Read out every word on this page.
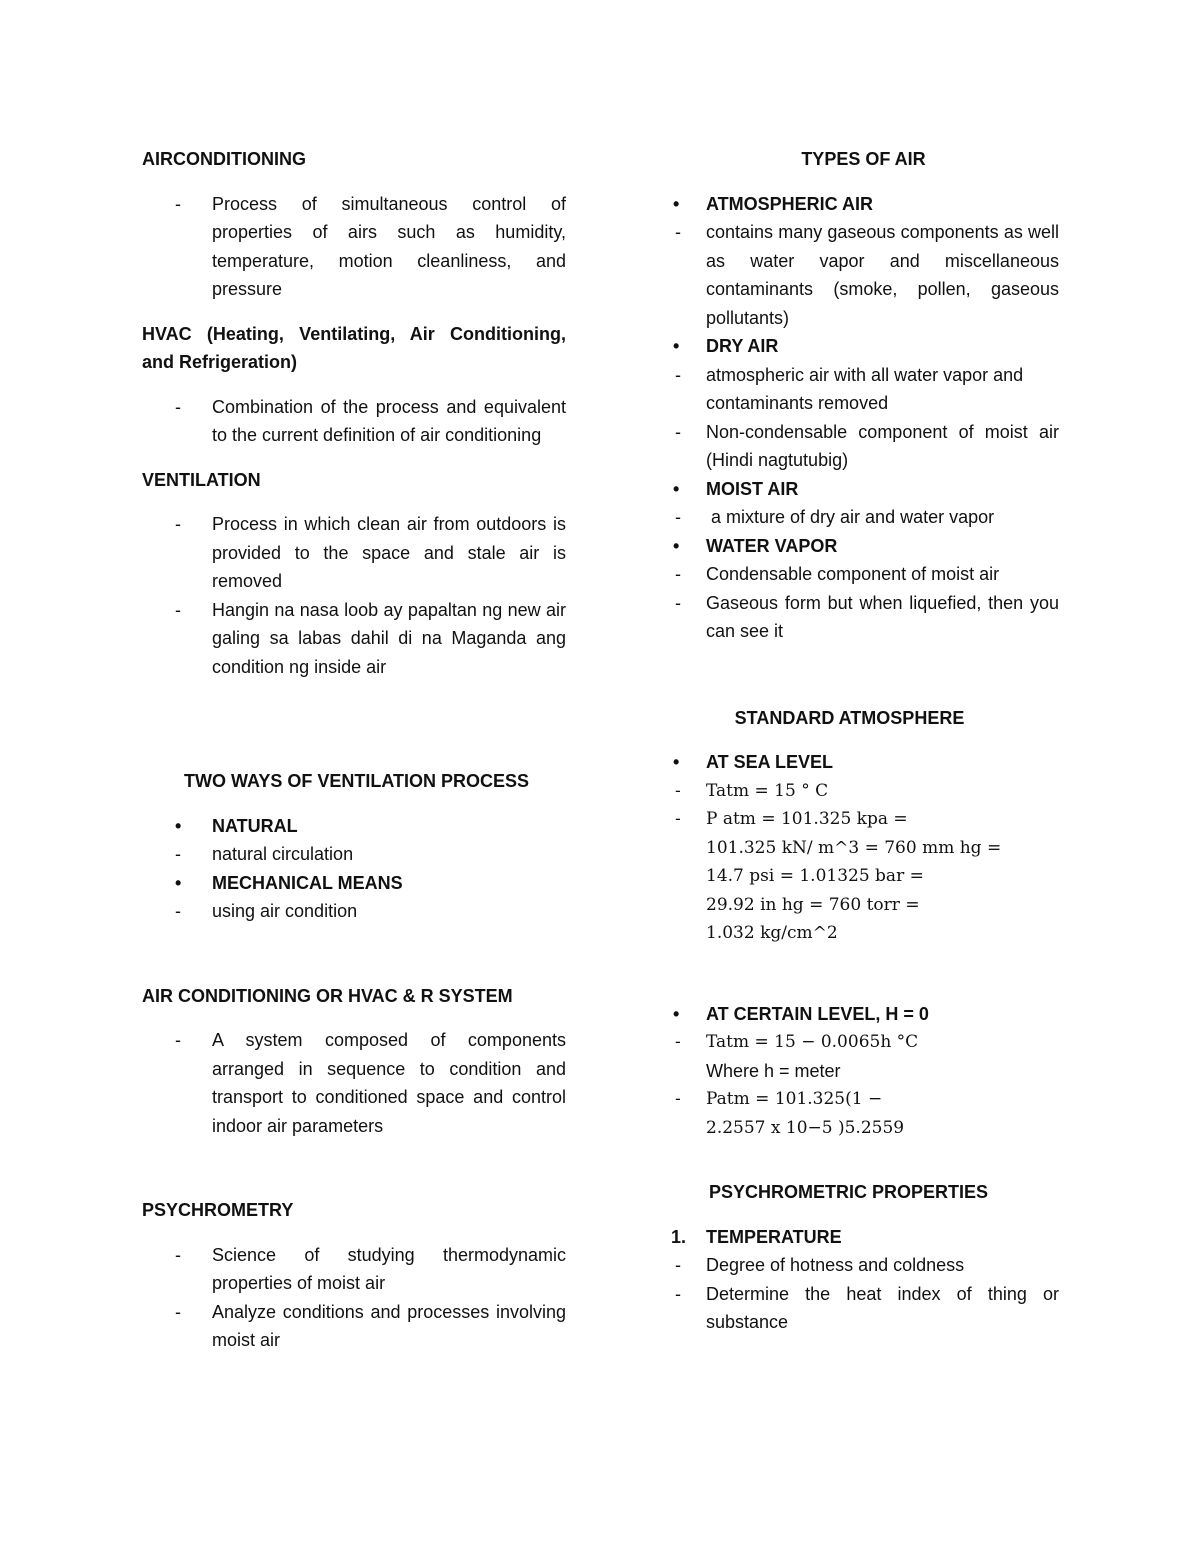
AIRCONDITIONING

- Process of simultaneous control of properties of airs such as humidity, temperature, motion cleanliness, and pressure

HVAC (Heating, Ventilating, Air Conditioning,

and Refrigeration)

- Combination of the process and equivalent to the current definition of air conditioning

VENTILATION

- Process in which clean air from outdoors is provided to the space and stale air is removed

- Hangin na nasa loob ay papaltan ng new air galing sa labas dahil di na Maganda ang condition ng inside air

TWO WAYS OF VENTILATION PROCESS

• NATURAL

- natural circulation

• MECHANICAL MEANS

- using air condition

AIR CONDITIONING OR HVAC & R SYSTEM

- A system composed of components arranged in sequence to condition and transport to conditioned space and control indoor air parameters

PSYCHROMETRY

- Science of studying thermodynamic properties of moist air

- Analyze conditions and processes involving moist air

TYPES OF AIR

• ATMOSPHERIC AIR

- contains many gaseous components as well as water vapor and miscellaneous contaminants (smoke, pollen, gaseous pollutants)

• DRY AIR

- atmospheric air with all water vapor and contaminants removed

- Non-condensable component of moist air (Hindi nagtutubig)

• MOIST AIR

- a mixture of dry air and water vapor

• WATER VAPOR

- Condensable component of moist air

- Gaseous form but when liquefied, then you can see it

STANDARD ATMOSPHERE

• AT SEA LEVEL

- Tatm = 15 ° C

- P atm = 101.325 kpa =
101.325 kN/ m^3 = 760 mm hg =
14.7 psi = 1.01325 bar =
29.92 in hg = 760 torr =
1.032 kg/cm^2

• AT CERTAIN LEVEL, H = 0

- Tatm = 15 − 0.0065h °C

Where h = meter

- Patm = 101.325(1 −
2.2557 x 10−5 )5.2559

PSYCHROMETRIC PROPERTIES

1. TEMPERATURE

- Degree of hotness and coldness

- Determine the heat index of thing or substance
